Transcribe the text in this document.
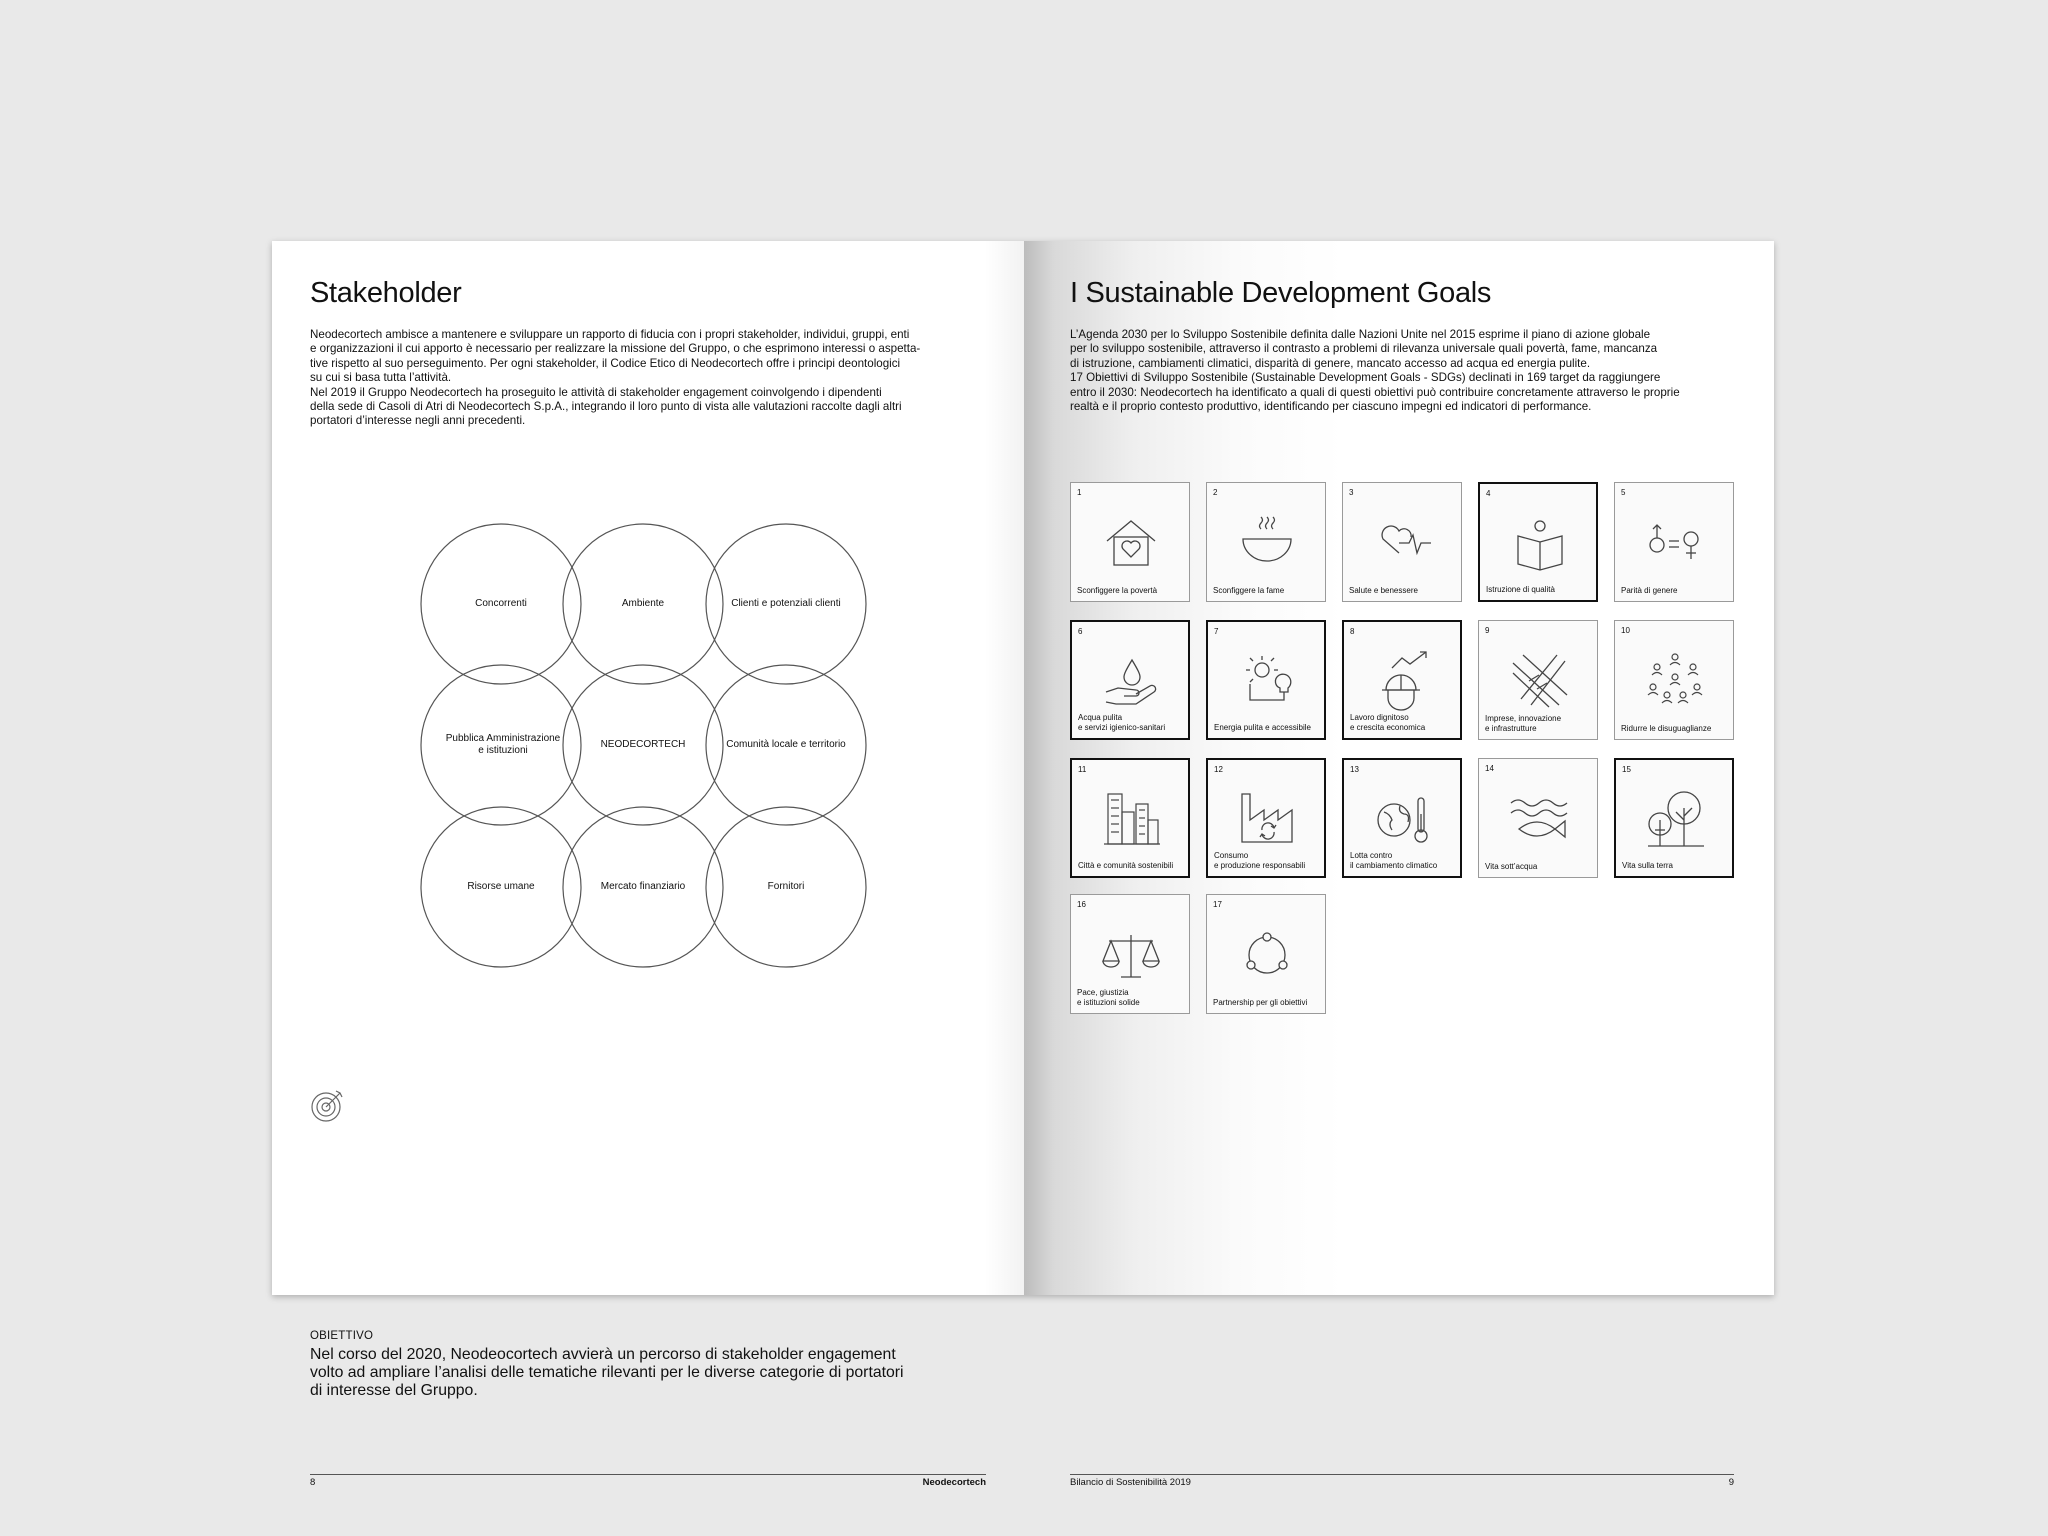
Stakeholder

Neodecortech ambisce a mantenere e sviluppare un rapporto di fiducia con i propri stakeholder, individui, gruppi, enti
e organizzazioni il cui apporto è necessario per realizzare la missione del Gruppo, o che esprimono interessi o aspetta-
tive rispetto al suo perseguimento. Per ogni stakeholder, il Codice Etico di Neodecortech offre i principi deontologici
su cui si basa tutta l’attività.

Nel 2019 il Gruppo Neodecortech ha proseguito le attività di stakeholder engagement coinvolgendo i dipendenti
della sede di Casoli di Atri di Neodecortech S.p.A., integrando il loro punto di vista alle valutazioni raccolte dagli altri
portatori d’interesse negli anni precedenti.

Concorrenti	Ambiente	Clienti e potenziali clienti
Pubblica Amministrazione
e istituzioni
NEODECORTECH	Comunità locale e territorio
Risorse umane	Mercato finanziario	Fornitori
OBIETTIVO
Nel corso del 2020, Neodeocortech avvierà un percorso di stakeholder engagement
volto ad ampliare l’analisi delle tematiche rilevanti per le diverse categorie di portatori
di interesse del Gruppo.
8	Neodecortech
I Sustainable Development Goals

L’Agenda 2030 per lo Sviluppo Sostenibile definita dalle Nazioni Unite nel 2015 esprime il piano di azione globale
per lo sviluppo sostenibile, attraverso il contrasto a problemi di rilevanza universale quali povertà, fame, mancanza
di istruzione, cambiamenti climatici, disparità di genere, mancato accesso ad acqua ed energia pulite.

17 Obiettivi di Sviluppo Sostenibile (Sustainable Development Goals - SDGs) declinati in 169 target da raggiungere
entro il 2030: Neodecortech ha identificato a quali di questi obiettivi può contribuire concretamente attraverso le proprie
realtà e il proprio contesto produttivo, identificando per ciascuno impegni ed indicatori di performance.

1
Sconfiggere la povertà
2
Sconfiggere la fame
3
Salute e benessere
4
Istruzione di qualità
5
Parità di genere
6
Acqua pulita
e servizi igienico-sanitari
7
Energia pulita e accessibile
8
Lavoro dignitoso
e crescita economica
9
Imprese, innovazione
e infrastrutture
10
Ridurre le disuguaglianze
11
Città e comunità sostenibili
12
Consumo
e produzione responsabili
13
Lotta contro
il cambiamento climatico
14
Vita sott’acqua
15
Vita sulla terra
16
Pace, giustizia
e istituzioni solide
17
Partnership per gli obiettivi
Bilancio di Sostenibilità 2019	9
